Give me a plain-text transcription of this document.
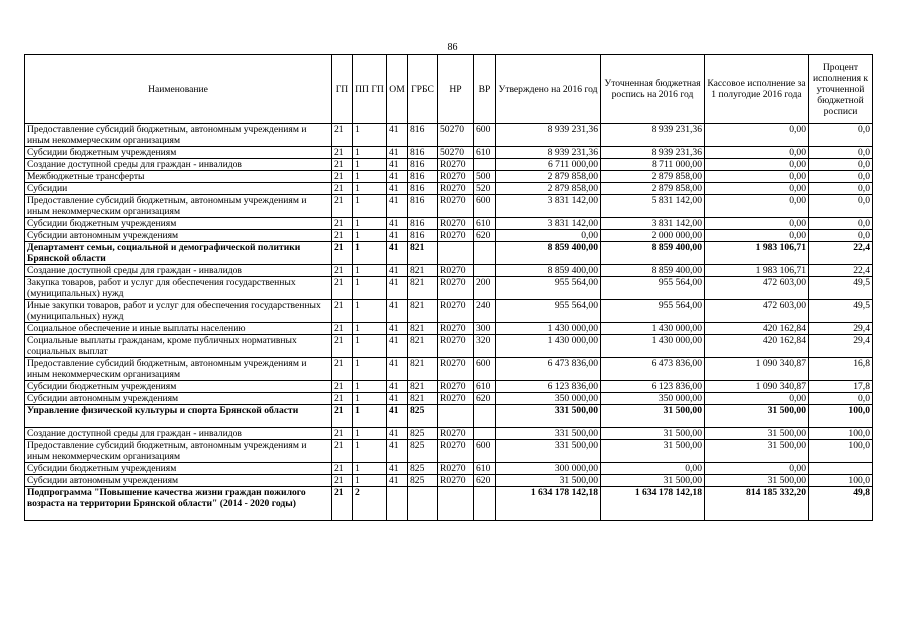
86
Наименование	ГП	ПП ГП	ОМ	ГРБС	НР	ВР	Утверждено на 2016 год	Уточненная бюджетная роспись на 2016 год	Кассовое исполнение за 1 полугодие 2016 года	Процент исполнения к уточненной бюджетной росписи
Предоставление субсидий бюджетным, автономным учреждениям и иным некоммерческим организациям	21	1	41	816	50270	600	8 939 231,36	8 939 231,36	0,00	0,0
Субсидии бюджетным учреждениям	21	1	41	816	50270	610	8 939 231,36	8 939 231,36	0,00	0,0
Создание доступной среды для граждан - инвалидов	21	1	41	816	R0270		6 711 000,00	8 711 000,00	0,00	0,0
Межбюджетные трансферты	21	1	41	816	R0270	500	2 879 858,00	2 879 858,00	0,00	0,0
Субсидии	21	1	41	816	R0270	520	2 879 858,00	2 879 858,00	0,00	0,0
Предоставление субсидий бюджетным, автономным учреждениям и иным некоммерческим организациям	21	1	41	816	R0270	600	3 831 142,00	5 831 142,00	0,00	0,0
Субсидии бюджетным учреждениям	21	1	41	816	R0270	610	3 831 142,00	3 831 142,00	0,00	0,0
Субсидии автономным учреждениям	21	1	41	816	R0270	620	0,00	2 000 000,00	0,00	0,0
Департамент семьи, социальной и демографической политики Брянской области	21	1	41	821			8 859 400,00	8 859 400,00	1 983 106,71	22,4
Создание доступной среды для граждан - инвалидов	21	1	41	821	R0270		8 859 400,00	8 859 400,00	1 983 106,71	22,4
Закупка товаров, работ и услуг для обеспечения государственных (муниципальных) нужд	21	1	41	821	R0270	200	955 564,00	955 564,00	472 603,00	49,5
Иные закупки товаров, работ и услуг для обеспечения государственных (муниципальных) нужд	21	1	41	821	R0270	240	955 564,00	955 564,00	472 603,00	49,5
Социальное обеспечение и иные выплаты населению	21	1	41	821	R0270	300	1 430 000,00	1 430 000,00	420 162,84	29,4
Социальные выплаты гражданам, кроме публичных нормативных социальных выплат	21	1	41	821	R0270	320	1 430 000,00	1 430 000,00	420 162,84	29,4
Предоставление субсидий бюджетным, автономным учреждениям и иным некоммерческим организациям	21	1	41	821	R0270	600	6 473 836,00	6 473 836,00	1 090 340,87	16,8
Субсидии бюджетным учреждениям	21	1	41	821	R0270	610	6 123 836,00	6 123 836,00	1 090 340,87	17,8
Субсидии автономным учреждениям	21	1	41	821	R0270	620	350 000,00	350 000,00	0,00	0,0
Управление физической культуры и спорта Брянской области	21	1	41	825			331 500,00	31 500,00	31 500,00	100,0
Создание доступной среды для граждан - инвалидов	21	1	41	825	R0270		331 500,00	31 500,00	31 500,00	100,0
Предоставление субсидий бюджетным, автономным учреждениям и иным некоммерческим организациям	21	1	41	825	R0270	600	331 500,00	31 500,00	31 500,00	100,0
Субсидии бюджетным учреждениям	21	1	41	825	R0270	610	300 000,00	0,00	0,00	
Субсидии автономным учреждениям	21	1	41	825	R0270	620	31 500,00	31 500,00	31 500,00	100,0
Подпрограмма "Повышение качества жизни граждан пожилого возраста на территории Брянской области" (2014 - 2020 годы)	21	2					1 634 178 142,18	1 634 178 142,18	814 185 332,20	49,8
